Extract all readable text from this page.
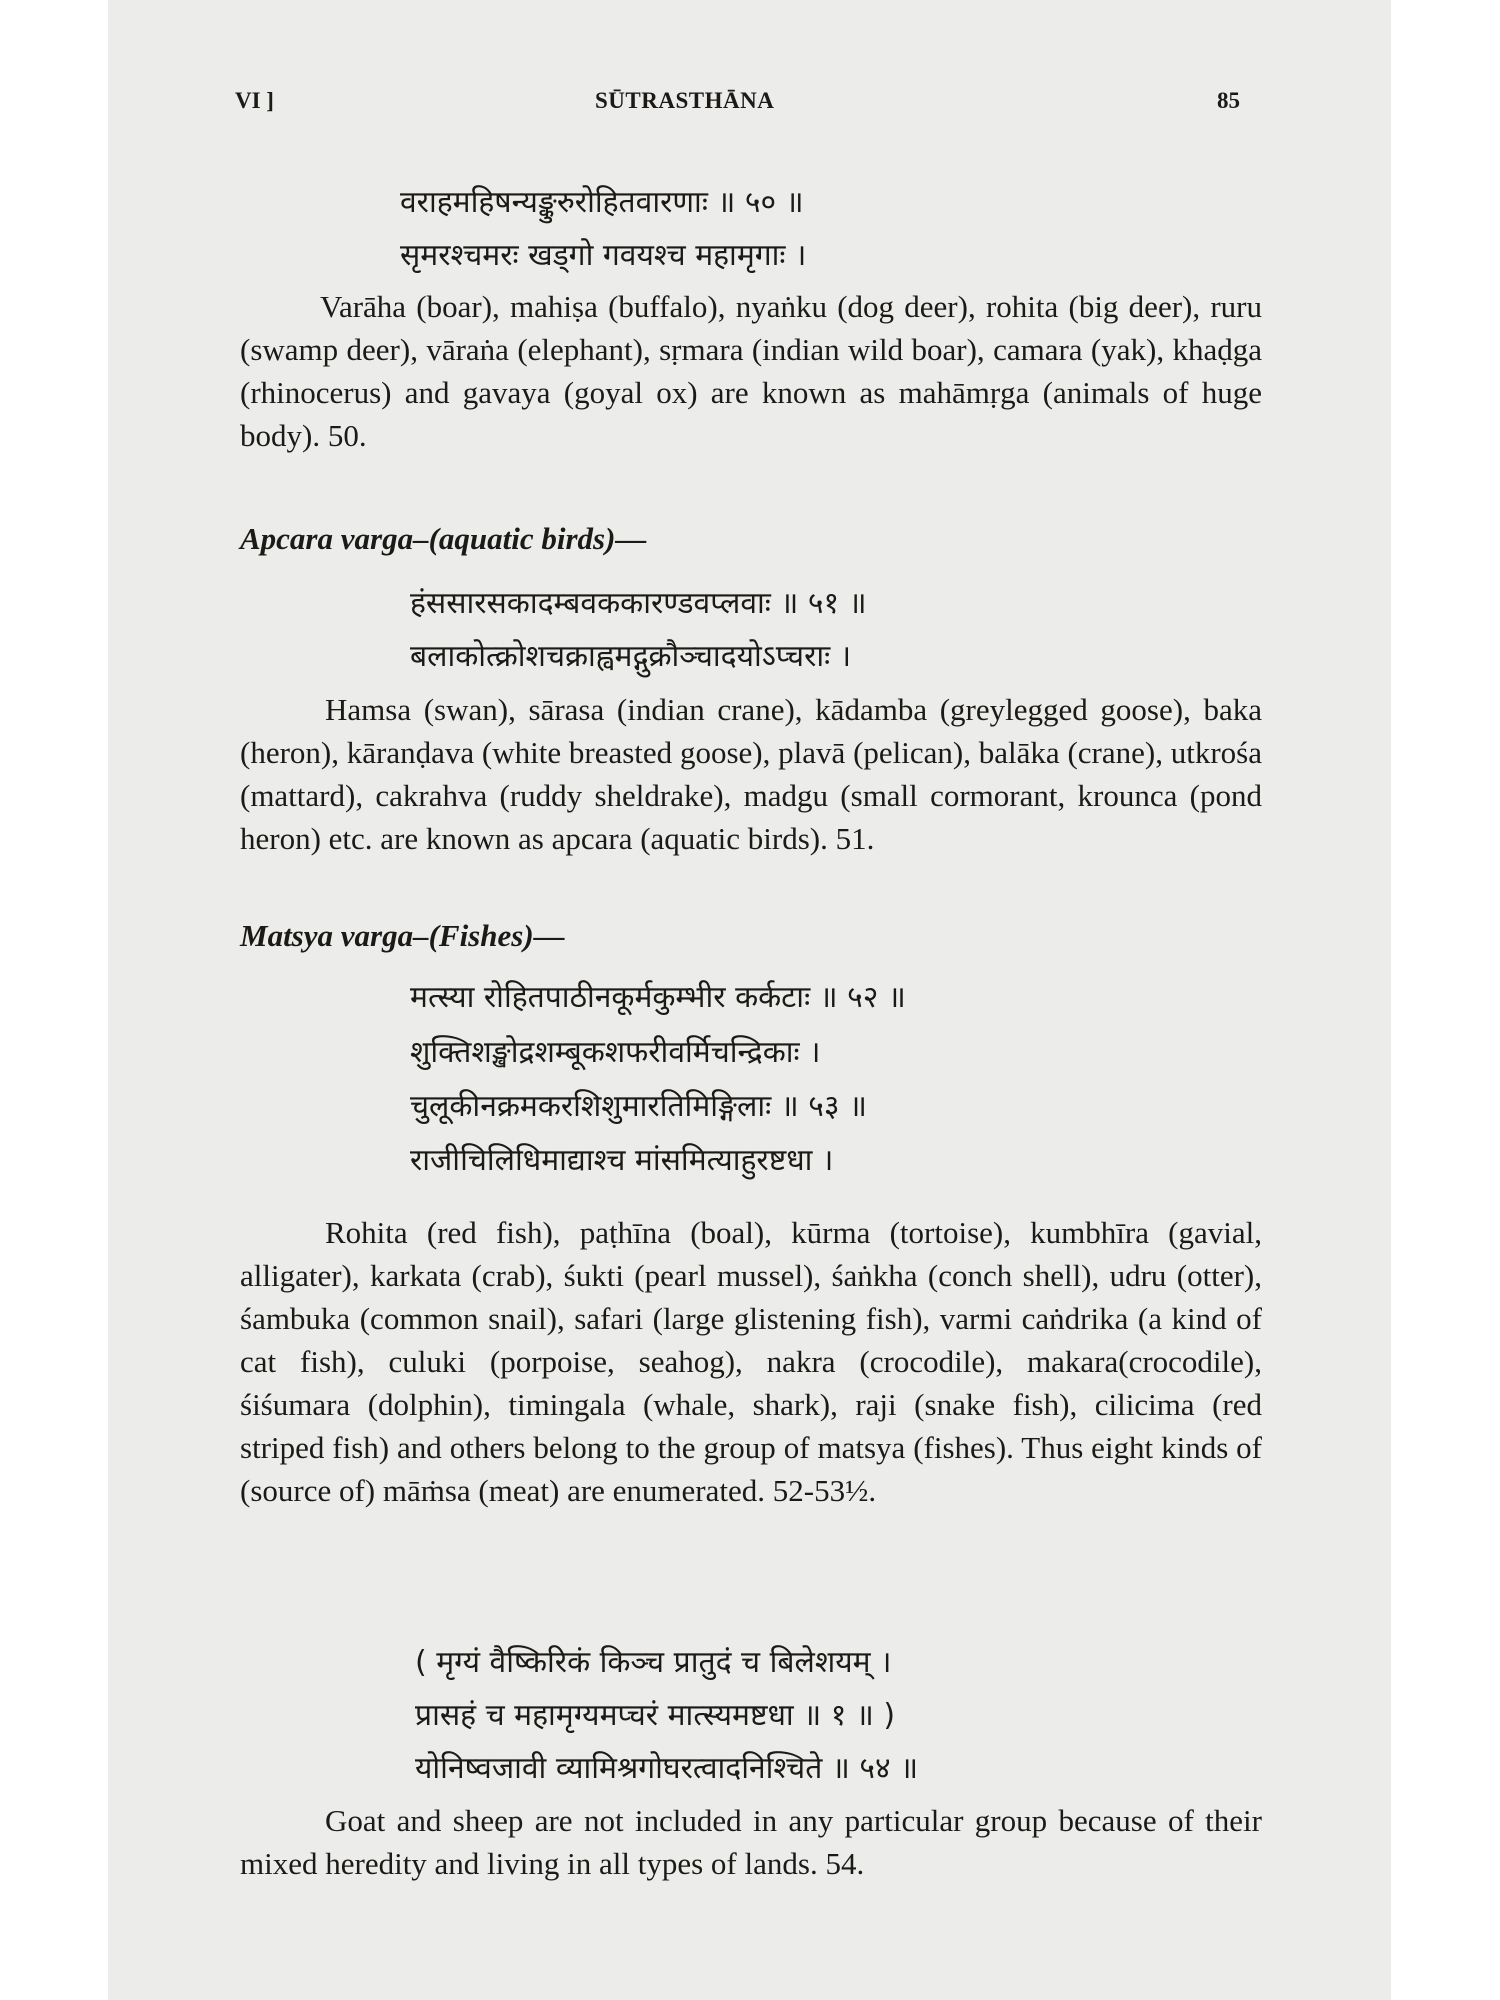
VI ]	SŪTRASTHĀNA	85
वराहमहिषन्यङ्कुरुरोहितवारणाः ॥ ५० ॥
सृमरश्चमरः खड्गो गवयश्च महामृगाः ।
Varāha (boar), mahiṣa (buffalo), nyaṅku (dog deer), rohita (big deer), ruru (swamp deer), vāraṅa (elephant), sṛmara (indian wild boar), camara (yak), khaḍga (rhinocerus) and gavaya (goyal ox) are known as mahāmṛga (animals of huge body). 50.
Apcara varga–(aquatic birds)—
हंससारसकादम्बवककारण्डवप्लवाः ॥ ५१ ॥
बलाकोत्क्रोशचक्राह्वमद्गुक्रौञ्चादयोऽप्चराः ।
Hamsa (swan), sārasa (indian crane), kādamba (greylegged goose), baka (heron), kāranḍava (white breasted goose), plavā (pelican), balāka (crane), utkrośa (mattard), cakrahva (ruddy sheldrake), madgu (small cormorant, krounca (pond heron) etc. are known as apcara (aquatic birds). 51.
Matsya varga–(Fishes)—
मत्स्या रोहितपाठीनकूर्मकुम्भीर कर्कटाः ॥ ५२ ॥
शुक्तिशङ्खोद्रशम्बूकशफरीवर्मिचन्द्रिकाः ।
चुलूकीनक्रमकरशिशुमारतिमिङ्गिलाः ॥ ५३ ॥
राजीचिलिधिमाद्याश्च मांसमित्याहुरष्टधा ।
Rohita (red fish), paṭhīna (boal), kūrma (tortoise), kumbhīra (gavial, alligater), karkata (crab), śukti (pearl mussel), śaṅkha (conch shell), udru (otter), śambuka (common snail), safari (large glistening fish), varmi caṅdrika (a kind of cat fish), culuki (porpoise, seahog), nakra (crocodile), makara(crocodile), śiśumara (dolphin), timingala (whale, shark), raji (snake fish), cilicima (red striped fish) and others belong to the group of matsya (fishes). Thus eight kinds of (source of) māṁsa (meat) are enumerated. 52-53½.
( मृग्यं वैष्किरिकं किञ्च प्रातुदं च बिलेशयम् ।
प्रासहं च महामृग्यमप्चरं मात्स्यमष्टधा ॥ १ ॥ )
योनिष्वजावी व्यामिश्रगोघरत्वादनिश्चिते ॥ ५४ ॥
Goat and sheep are not included in any particular group because of their mixed heredity and living in all types of lands. 54.
